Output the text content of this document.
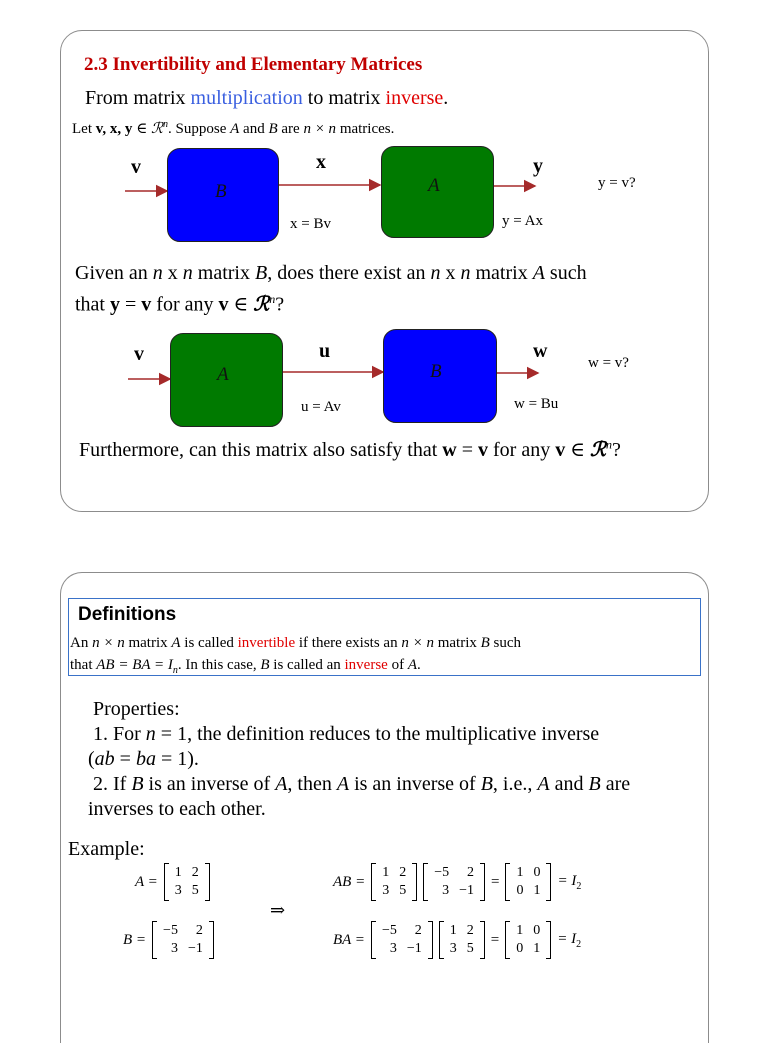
2.3 Invertibility and Elementary Matrices
From matrix multiplication to matrix inverse.
Let v, x, y ∈ ℛ$^n$. Suppose A and B are n × n matrices.
v
B
x
x = Bv
A
y
y = Ax
y = v?
Given an n x n matrix B, does there exist an n x n matrix A such
that y = v for any v ∈ ℛ$^n$?
v
A
u
u = Av
B
w
w = Bu
w = v?
Furthermore, can this matrix also satisfy that w = v for any v ∈ ℛ$^n$?
Definitions
An n × n matrix A is called invertible if there exists an n × n matrix B such
that AB = BA = $I_n$. In this case, B is called an inverse of A.
Properties:
1. For n = 1, the definition reduces to the multiplicative inverse
(ab = ba = 1).
2. If B is an inverse of A, then A is an inverse of B, i.e., A and B are
inverses to each other.
Example:
A =
1	2
3	5
B =
−5	2
3	−1
⇒
AB =
1	2
3	5
−5	2
3	−1
=
1	0
0	1
= $I_2$
BA =
−5	2
3	−1
1	2
3	5
=
1	0
0	1
= $I_2$
